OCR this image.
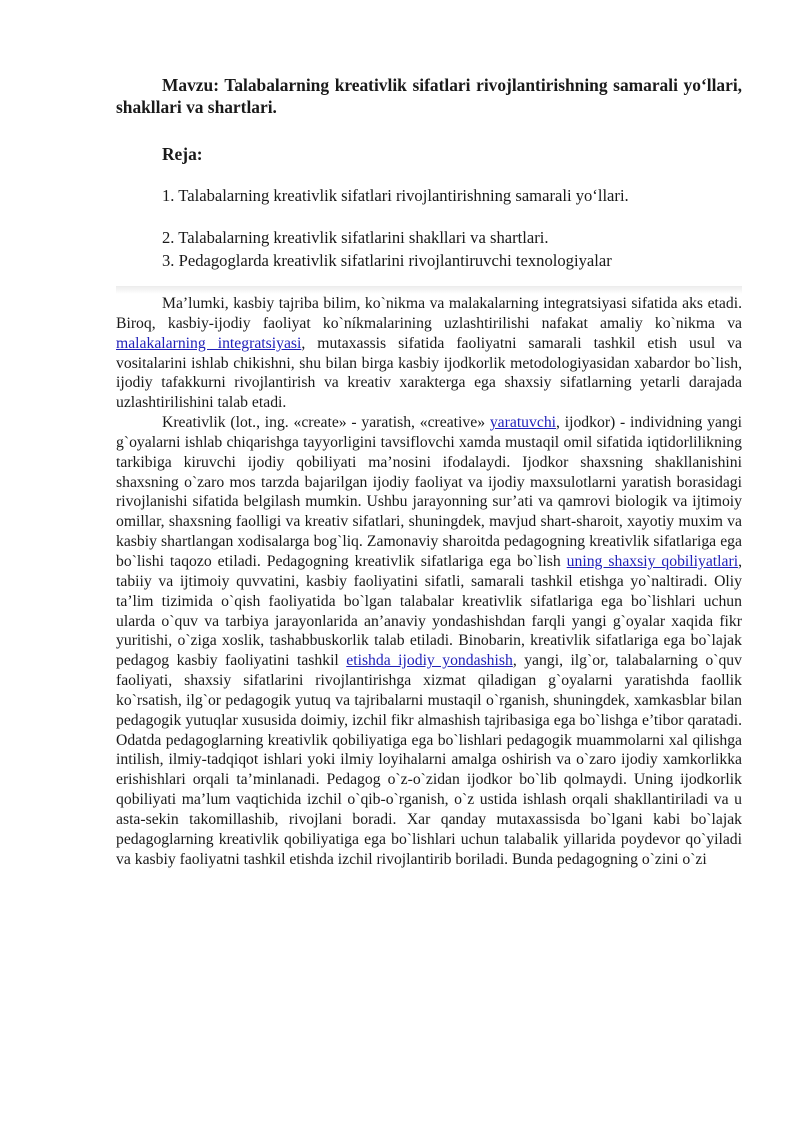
Mavzu: Talabalarning kreativlik sifatlari rivojlantirishning samarali yo‘llari, shakllari va shartlari.
Reja:
1. Talabalarning kreativlik sifatlari rivojlantirishning samarali yo‘llari.
2. Talabalarning kreativlik sifatlarini shakllari va shartlari.
3. Pedagoglarda kreativlik sifatlarini rivojlantiruvchi texnologiyalar

Ma’lumki, kasbiy tajriba bilim, ko`nikma va malakalarning integratsiyasi sifatida aks etadi. Biroq, kasbiy-ijodiy faoliyat ko`níkmalarining uzlashtirilishi nafakat amaliy ko`nikma va malakalarning integratsiyasi, mutaxassis sifatida faoliyatni samarali tashkil etish usul va vositalarini ishlab chikishni, shu bilan birga kasbiy ijodkorlik metodologiyasidan xabardor bo`lish, ijodiy tafakkurni rivojlantirish va kreativ xarakterga ega shaxsiy sifatlarning yetarli darajada uzlashtirilishini talab etadi.

Kreativlik (lot., ing. «create» - yaratish, «creative» yaratuvchi, ijodkor) - individning yangi g`oyalarni ishlab chiqarishga tayyorligini tavsiflovchi xamda mustaqil omil sifatida iqtidorlilikning tarkibiga kiruvchi ijodiy qobiliyati ma’nosini ifodalaydi. Ijodkor shaxsning shakllanishini shaxsning o`zaro mos tarzda bajarilgan ijodiy faoliyat va ijodiy maxsulotlarni yaratish borasidagi rivojlanishi sifatida belgilash mumkin. Ushbu jarayonning sur’ati va qamrovi biologik va ijtimoiy omillar, shaxsning faolligi va kreativ sifatlari, shuningdek, mavjud shart-sharoit, xayotiy muxim va kasbiy shartlangan xodisalarga bog`liq. Zamonaviy sharoitda pedagogning kreativlik sifatlariga ega bo`lishi taqozo etiladi. Pedagogning kreativlik sifatlariga ega bo`lish uning shaxsiy qobiliyatlari, tabiiy va ijtimoiy quvvatini, kasbiy faoliyatini sifatli, samarali tashkil etishga yo`naltiradi. Oliy ta’lim tizimida o`qish faoliyatida bo`lgan talabalar kreativlik sifatlariga ega bo`lishlari uchun ularda o`quv va tarbiya jarayonlarida an’anaviy yondashishdan farqli yangi g`oyalar xaqida fikr yuritishi, o`ziga xoslik, tashabbuskorlik talab etiladi. Binobarin, kreativlik sifatlariga ega bo`lajak pedagog kasbiy faoliyatini tashkil etishda ijodiy yondashish, yangi, ilg`or, talabalarning o`quv faoliyati, shaxsiy sifatlarini rivojlantirishga xizmat qiladigan g`oyalarni yaratishda faollik ko`rsatish, ilg`or pedagogik yutuq va tajribalarni mustaqil o`rganish, shuningdek, xamkasblar bilan pedagogik yutuqlar xususida doimiy, izchil fikr almashish tajribasiga ega bo`lishga e’tibor qaratadi. Odatda pedagoglarning kreativlik qobiliyatiga ega bo`lishlari pedagogik muammolarni xal qilishga intilish, ilmiy-tadqiqot ishlari yoki ilmiy loyihalarni amalga oshirish va o`zaro ijodiy xamkorlikka erishishlari orqali ta’minlanadi. Pedagog o`z-o`zidan ijodkor bo`lib qolmaydi. Uning ijodkorlik qobiliyati ma’lum vaqtichida izchil o`qib-o`rganish, o`z ustida ishlash orqali shakllantiriladi va u asta-sekin takomillashib, rivojlani boradi. Xar qanday mutaxassisda bo`lgani kabi bo`lajak pedagoglarning kreativlik qobiliyatiga ega bo`lishlari uchun talabalik yillarida poydevor qo`yiladi va kasbiy faoliyatni tashkil etishda izchil rivojlantirib boriladi. Bunda pedagogning o`zini o`zi
